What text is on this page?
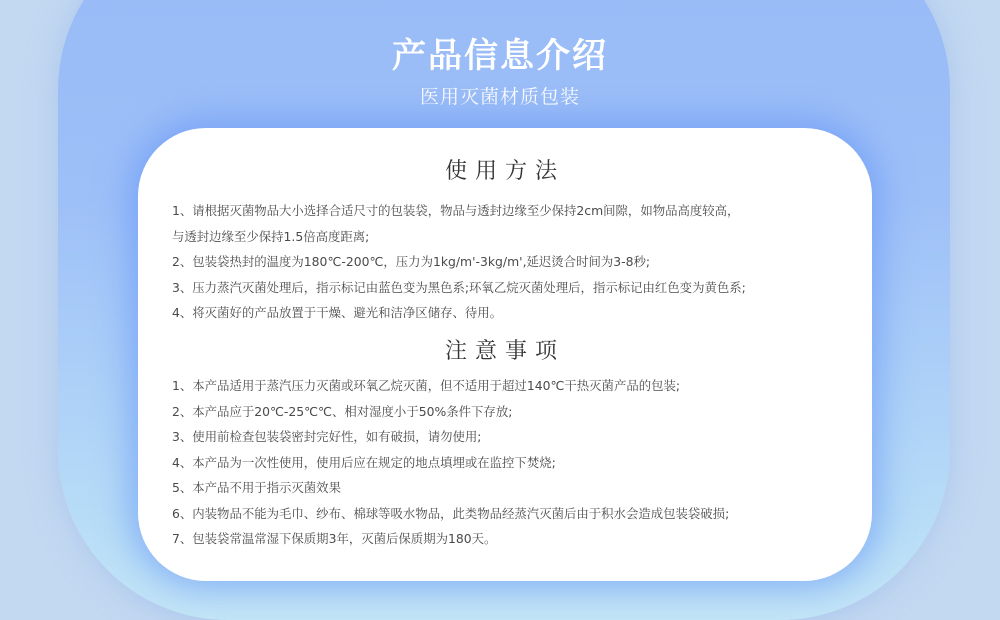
产品信息介绍
医用灭菌材质包装
使用方法
1、请根据灭菌物品大小选择合适尺寸的包装袋，物品与透封边缘至少保持2cm间隙，如物品高度较高，
与透封边缘至少保持1.5倍高度距离;
2、包装袋热封的温度为180℃-200℃，压力为1kg/m'-3kg/m',延迟烫合时间为3-8秒;
3、压力蒸汽灭菌处理后，指示标记由蓝色变为黑色系;环氧乙烷灭菌处理后，指示标记由红色变为黄色系;
4、将灭菌好的产品放置于干燥、避光和洁净区储存、待用。
注意事项
1、本产品适用于蒸汽压力灭菌或环氧乙烷灭菌，但不适用于超过140℃干热灭菌产品的包装;
2、本产品应于20℃-25℃℃、相对湿度小于50%条件下存放;
3、使用前检查包装袋密封完好性，如有破损，请勿使用;
4、本产品为一次性使用，使用后应在规定的地点填埋或在监控下焚烧;
5、本产品不用于指示灭菌效果
6、内装物品不能为毛巾、纱布、棉球等吸水物品，此类物品经蒸汽灭菌后由于积水会造成包装袋破损;
7、包装袋常温常湿下保质期3年，灭菌后保质期为180天。
